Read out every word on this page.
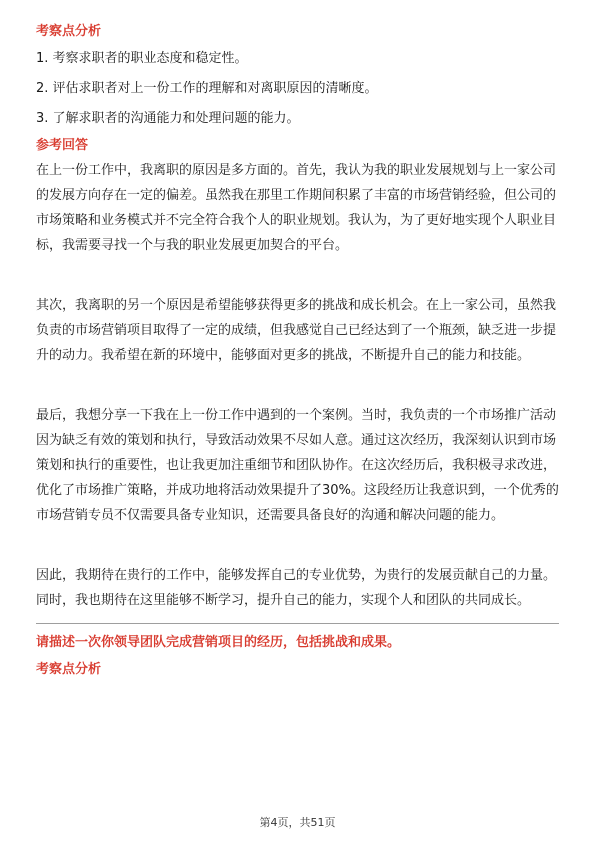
考察点分析

1. 考察求职者的职业态度和稳定性。

2. 评估求职者对上一份工作的理解和对离职原因的清晰度。

3. 了解求职者的沟通能力和处理问题的能力。

参考回答

在上一份工作中，我离职的原因是多方面的。首先，我认为我的职业发展规划与上一家公司的发展方向存在一定的偏差。虽然我在那里工作期间积累了丰富的市场营销经验，但公司的市场策略和业务模式并不完全符合我个人的职业规划。我认为，为了更好地实现个人职业目标，我需要寻找一个与我的职业发展更加契合的平台。

其次，我离职的另一个原因是希望能够获得更多的挑战和成长机会。在上一家公司，虽然我负责的市场营销项目取得了一定的成绩，但我感觉自己已经达到了一个瓶颈，缺乏进一步提升的动力。我希望在新的环境中，能够面对更多的挑战，不断提升自己的能力和技能。

最后，我想分享一下我在上一份工作中遇到的一个案例。当时，我负责的一个市场推广活动因为缺乏有效的策划和执行，导致活动效果不尽如人意。通过这次经历，我深刻认识到市场策划和执行的重要性，也让我更加注重细节和团队协作。在这次经历后，我积极寻求改进，优化了市场推广策略，并成功地将活动效果提升了30%。这段经历让我意识到，一个优秀的市场营销专员不仅需要具备专业知识，还需要具备良好的沟通和解决问题的能力。

因此，我期待在贵行的工作中，能够发挥自己的专业优势，为贵行的发展贡献自己的力量。同时，我也期待在这里能够不断学习，提升自己的能力，实现个人和团队的共同成长。

请描述一次你领导团队完成营销项目的经历，包括挑战和成果。

考察点分析

第4页，共51页
